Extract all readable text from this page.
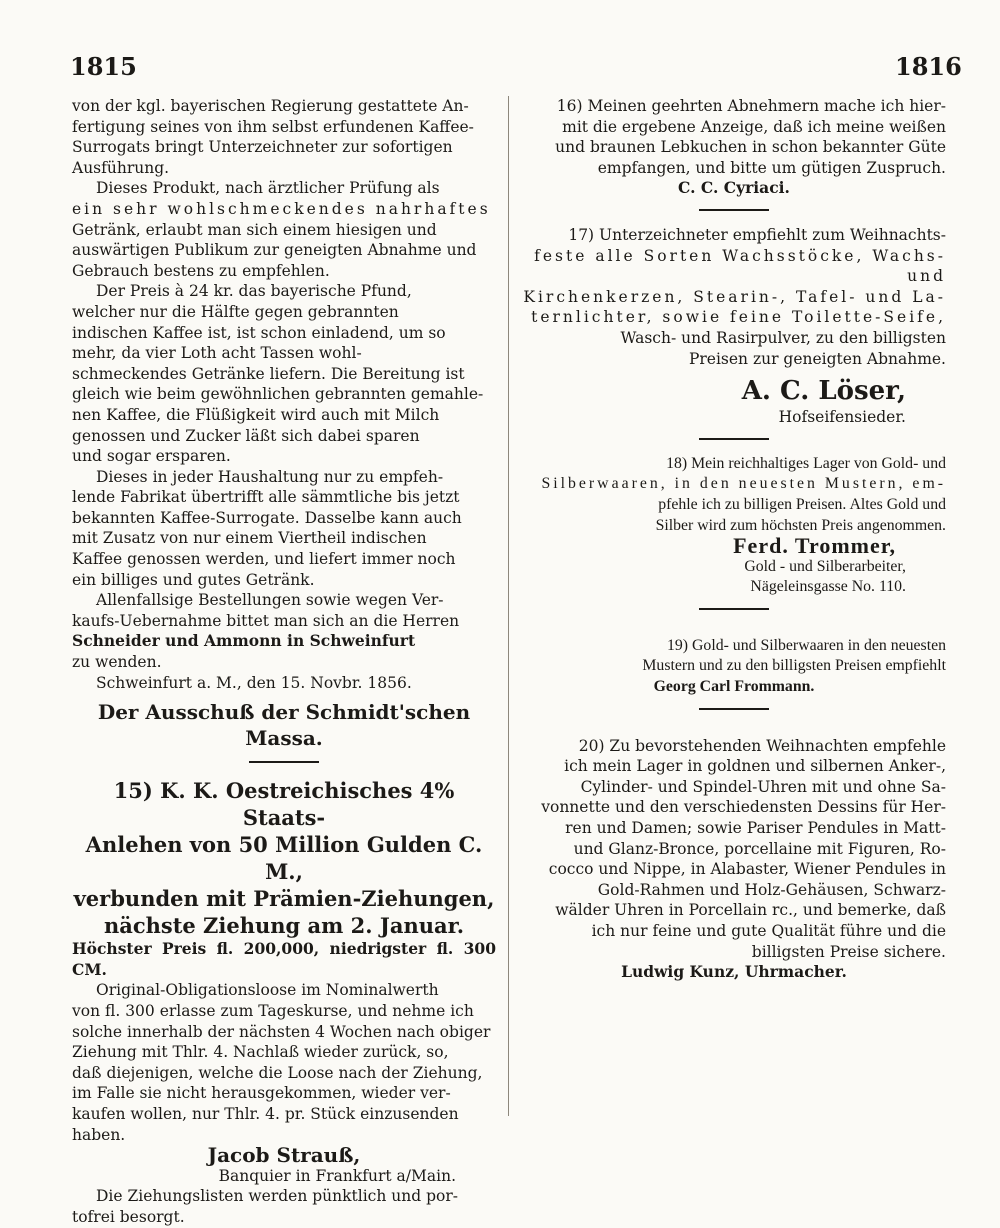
1815	1816

von der kgl. bayerischen Regierung gestattete An-

fertigung seines von ihm selbst erfundenen Kaffee-

Surrogats bringt Unterzeichneter zur sofortigen

Ausführung.

Dieses Produkt, nach ärztlicher Prüfung als

ein sehr wohlschmeckendes nahrhaftes

Getränk, erlaubt man sich einem hiesigen und

auswärtigen Publikum zur geneigten Abnahme und

Gebrauch bestens zu empfehlen.

Der Preis à 24 kr. das bayerische Pfund,

welcher nur die Hälfte gegen gebrannten

indischen Kaffee ist, ist schon einladend, um so

mehr, da vier Loth acht Tassen wohl-

schmeckendes Getränke liefern. Die Bereitung ist

gleich wie beim gewöhnlichen gebrannten gemahle-

nen Kaffee, die Flüßigkeit wird auch mit Milch

genossen und Zucker läßt sich dabei sparen

und sogar ersparen.

Dieses in jeder Haushaltung nur zu empfeh-

lende Fabrikat übertrifft alle sämmtliche bis jetzt

bekannten Kaffee-Surrogate. Dasselbe kann auch

mit Zusatz von nur einem Viertheil indischen

Kaffee genossen werden, und liefert immer noch

ein billiges und gutes Getränk.

Allenfallsige Bestellungen sowie wegen Ver-

kaufs-Uebernahme bittet man sich an die Herren

Schneider und Ammonn in Schweinfurt

zu wenden.

Schweinfurt a. M., den 15. Novbr. 1856.

Der Ausschuß der Schmidt'schen
Massa.
15) K. K. Oestreichisches 4% Staats-
Anlehen von 50 Million Gulden C. M.,
verbunden mit Prämien-Ziehungen,
nächste Ziehung am 2. Januar.

Höchster Preis fl. 200,000, niedrigster fl. 300 CM.

Original-Obligationsloose im Nominalwerth

von fl. 300 erlasse zum Tageskurse, und nehme ich

solche innerhalb der nächsten 4 Wochen nach obiger

Ziehung mit Thlr. 4. Nachlaß wieder zurück, so,

daß diejenigen, welche die Loose nach der Ziehung,

im Falle sie nicht herausgekommen, wieder ver-

kaufen wollen, nur Thlr. 4. pr. Stück einzusenden

haben.

Jacob Strauß,

Banquier in Frankfurt a/Main.

Die Ziehungslisten werden pünktlich und por-

tofrei besorgt.

16) Meinen geehrten Abnehmern mache ich hier-

mit die ergebene Anzeige, daß ich meine weißen

und braunen Lebkuchen in schon bekannter Güte

empfangen, und bitte um gütigen Zuspruch.

C. C. Cyriaci.

17) Unterzeichneter empfiehlt zum Weihnachts-

feste alle Sorten Wachsstöcke, Wachs- und

Kirchenkerzen, Stearin-, Tafel- und La-

ternlichter, sowie feine Toilette-Seife,

Wasch- und Rasirpulver, zu den billigsten

Preisen zur geneigten Abnahme.

A. C. Löser,

Hofseifensieder.

18) Mein reichhaltiges Lager von Gold- und

Silberwaaren, in den neuesten Mustern, em-

pfehle ich zu billigen Preisen. Altes Gold und

Silber wird zum höchsten Preis angenommen.

Ferd. Trommer,

Gold - und Silberarbeiter,

Nägeleinsgasse No. 110.

19) Gold- und Silberwaaren in den neuesten

Mustern und zu den billigsten Preisen empfiehlt

Georg Carl Frommann.

20) Zu bevorstehenden Weihnachten empfehle

ich mein Lager in goldnen und silbernen Anker-,

Cylinder- und Spindel-Uhren mit und ohne Sa-

vonnette und den verschiedensten Dessins für Her-

ren und Damen; sowie Pariser Pendules in Matt-

und Glanz-Bronce, porcellaine mit Figuren, Ro-

cocco und Nippe, in Alabaster, Wiener Pendules in

Gold-Rahmen und Holz-Gehäusen, Schwarz-

wälder Uhren in Porcellain rc., und bemerke, daß

ich nur feine und gute Qualität führe und die

billigsten Preise sichere.

Ludwig Kunz, Uhrmacher.
